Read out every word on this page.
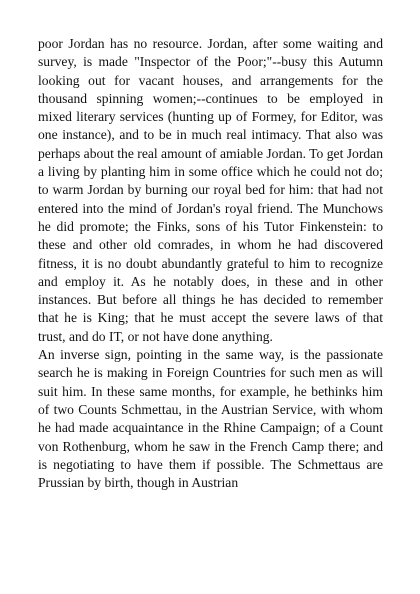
poor Jordan has no resource. Jordan, after some waiting and survey, is made "Inspector of the Poor;"--busy this Autumn looking out for vacant houses, and arrangements for the thousand spinning women;--continues to be employed in mixed literary services (hunting up of Formey, for Editor, was one instance), and to be in much real intimacy. That also was perhaps about the real amount of amiable Jordan. To get Jordan a living by planting him in some office which he could not do; to warm Jordan by burning our royal bed for him: that had not entered into the mind of Jordan's royal friend. The Munchows he did promote; the Finks, sons of his Tutor Finkenstein: to these and other old comrades, in whom he had discovered fitness, it is no doubt abundantly grateful to him to recognize and employ it. As he notably does, in these and in other instances. But before all things he has decided to remember that he is King; that he must accept the severe laws of that trust, and do IT, or not have done anything.

An inverse sign, pointing in the same way, is the passionate search he is making in Foreign Countries for such men as will suit him. In these same months, for example, he bethinks him of two Counts Schmettau, in the Austrian Service, with whom he had made acquaintance in the Rhine Campaign; of a Count von Rothenburg, whom he saw in the French Camp there; and is negotiating to have them if possible. The Schmettaus are Prussian by birth, though in Austrian
